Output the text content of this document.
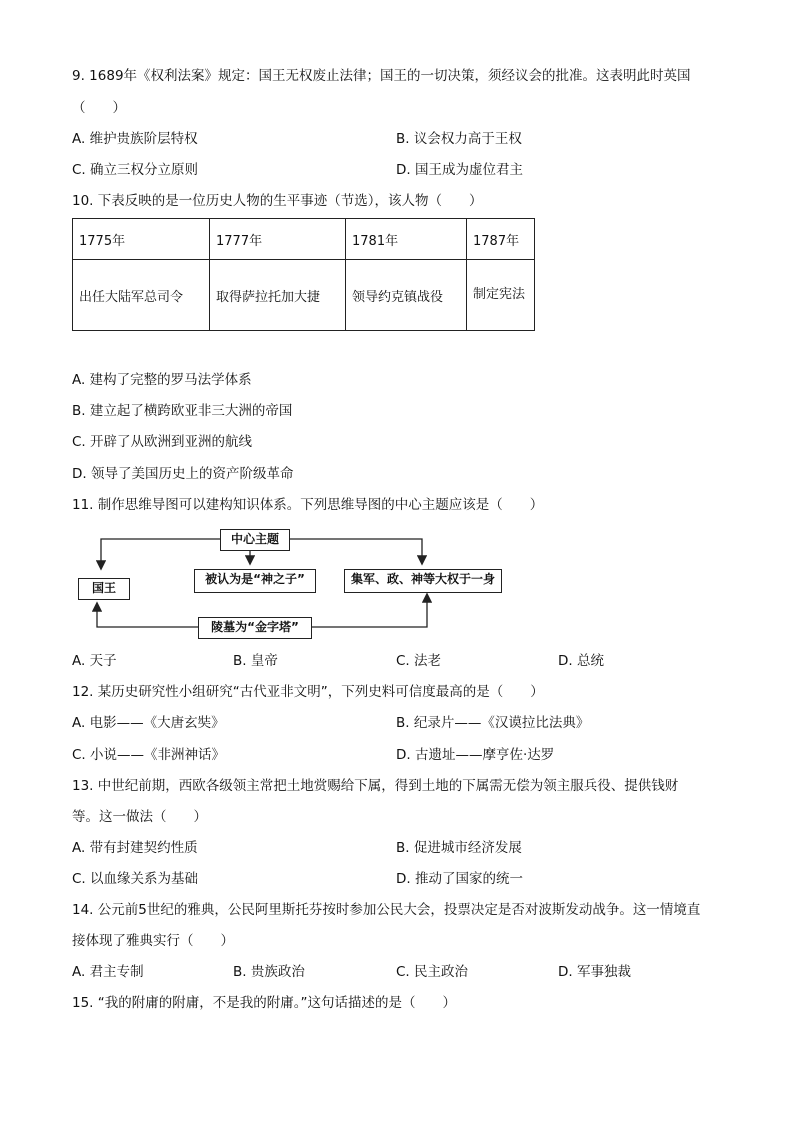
9. 1689年《权利法案》规定：国王无权废止法律；国王的一切决策，须经议会的批准。这表明此时英国
（　　）
A. 维护贵族阶层特权	B. 议会权力高于王权
C. 确立三权分立原则	D. 国王成为虚位君主
10. 下表反映的是一位历史人物的生平事迹（节选），该人物（　　）
1775年	1777年	1781年	1787年
出任大陆军总司令	取得萨拉托加大捷	领导约克镇战役	制定宪法
A. 建构了完整的罗马法学体系
B. 建立起了横跨欧亚非三大洲的帝国
C. 开辟了从欧洲到亚洲的航线
D. 领导了美国历史上的资产阶级革命
11. 制作思维导图可以建构知识体系。下列思维导图的中心主题应该是（　　）
中心主题
国王
被认为是“神之子”	集军、政、神等大权于一身
陵墓为“金字塔”
A. 天子	B. 皇帝	C. 法老	D. 总统
12. 某历史研究性小组研究“古代亚非文明”，下列史料可信度最高的是（　　）
A. 电影——《大唐玄奘》	B. 纪录片——《汉谟拉比法典》
C. 小说——《非洲神话》	D. 古遗址——摩亨佐·达罗
13. 中世纪前期，西欧各级领主常把土地赏赐给下属，得到土地的下属需无偿为领主服兵役、提供钱财
等。这一做法（　　）
A. 带有封建契约性质	B. 促进城市经济发展
C. 以血缘关系为基础	D. 推动了国家的统一
14. 公元前5世纪的雅典，公民阿里斯托芬按时参加公民大会，投票决定是否对波斯发动战争。这一情境直
接体现了雅典实行（　　）
A. 君主专制	B. 贵族政治	C. 民主政治	D. 军事独裁
15. “我的附庸的附庸，不是我的附庸。”这句话描述的是（　　）
